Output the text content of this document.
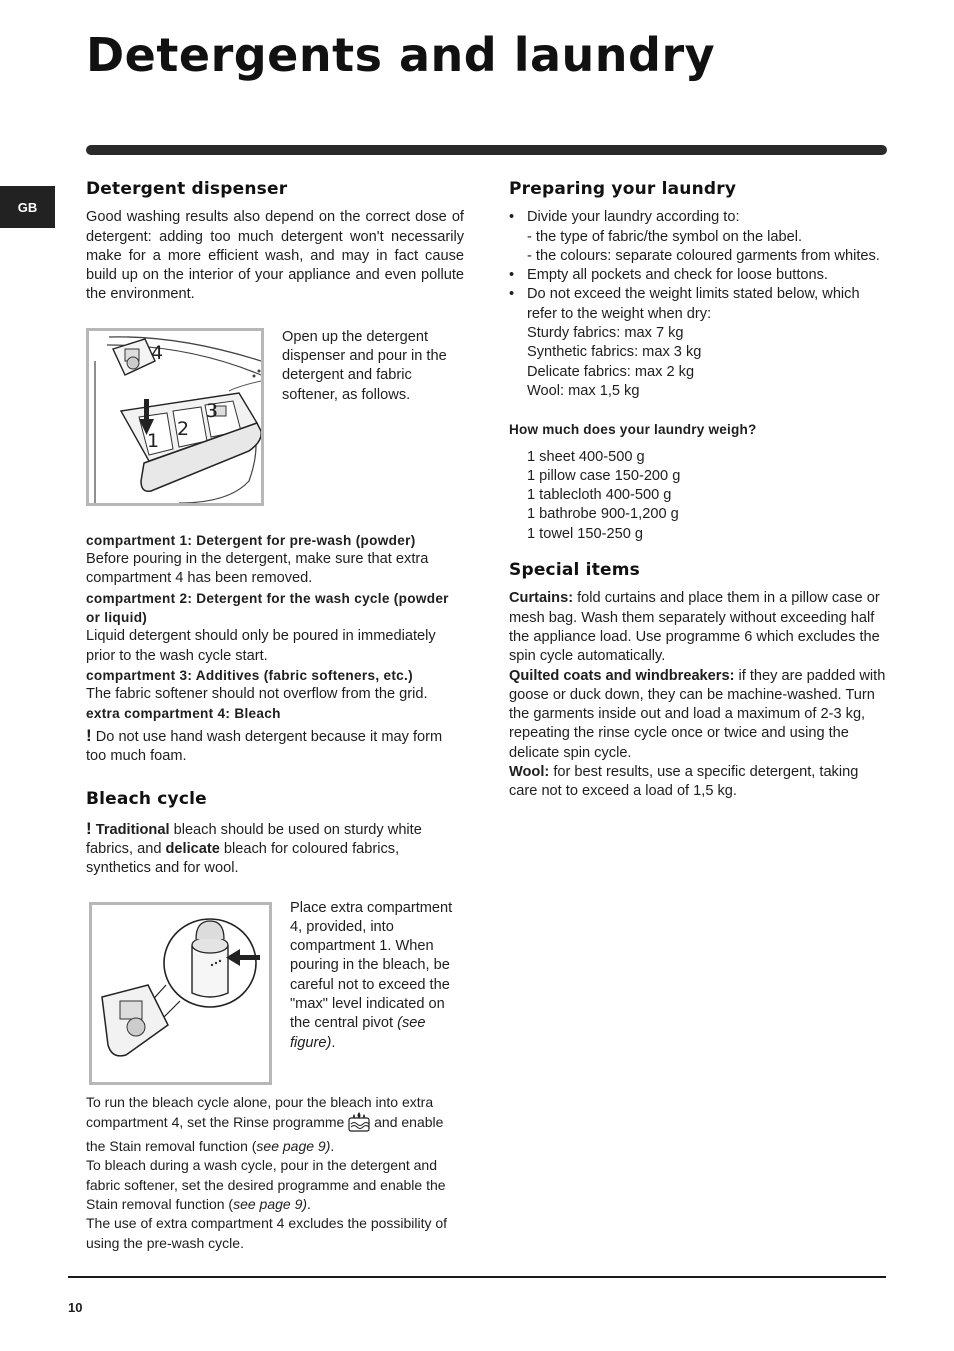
Detergents and laundry
GB
Detergent dispenser

Good washing results also depend on the correct dose of detergent: adding too much detergent won't necessarily make for a more efficient wash, and may in fact cause build up on the interior of your appliance and even pollute the environment.

4
1
2
3

Open up the detergent dispenser and pour in the detergent and fabric softener, as follows.

compartment 1: Detergent for pre-wash (powder)

Before pouring in the detergent, make sure that extra compartment 4 has been removed.

compartment 2: Detergent for the wash cycle (powder or liquid)

Liquid detergent should only be poured in immediately prior to the wash cycle start.

compartment 3: Additives (fabric softeners, etc.)

The fabric softener should not overflow from the grid.

extra compartment 4: Bleach

! Do not use hand wash detergent because it may form too much foam.

Bleach cycle

! Traditional bleach should be used on sturdy white fabrics, and delicate bleach for coloured fabrics, synthetics and for wool.

Place extra compartment 4, provided, into compartment 1. When pouring in the bleach, be careful not to exceed the "max" level indicated on the central pivot (see figure).

To run the bleach cycle alone, pour the bleach into extra compartment 4, set the Rinse programme  and enable the Stain removal function (see page 9).

To bleach during a wash cycle, pour in the detergent and fabric softener, set the desired programme and enable the Stain removal function (see page 9).

The use of extra compartment 4 excludes the possibility of using the pre-wash cycle.

Preparing your laundry
• Divide your laundry according to:
- the type of fabric/the symbol on the label.
- the colours: separate coloured garments from whites.
• Empty all pockets and check for loose buttons.
• Do not exceed the weight limits stated below, which refer to the weight when dry:
Sturdy fabrics: max 7 kg
Synthetic fabrics: max 3 kg
Delicate fabrics: max 2 kg
Wool: max 1,5 kg
How much does your laundry weigh?
1 sheet 400-500 g
1 pillow case 150-200 g
1 tablecloth 400-500 g
1 bathrobe 900-1,200 g
1 towel 150-250 g
Special items

Curtains: fold curtains and place them in a pillow case or mesh bag. Wash them separately without exceeding half the appliance load. Use programme 6 which excludes the spin cycle automatically.

Quilted coats and windbreakers: if they are padded with goose or duck down, they can be machine-washed. Turn the garments inside out and load a maximum of 2-3 kg, repeating the rinse cycle once or twice and using the delicate spin cycle.

Wool: for best results, use a specific detergent, taking care not to exceed a load of 1,5 kg.

10
